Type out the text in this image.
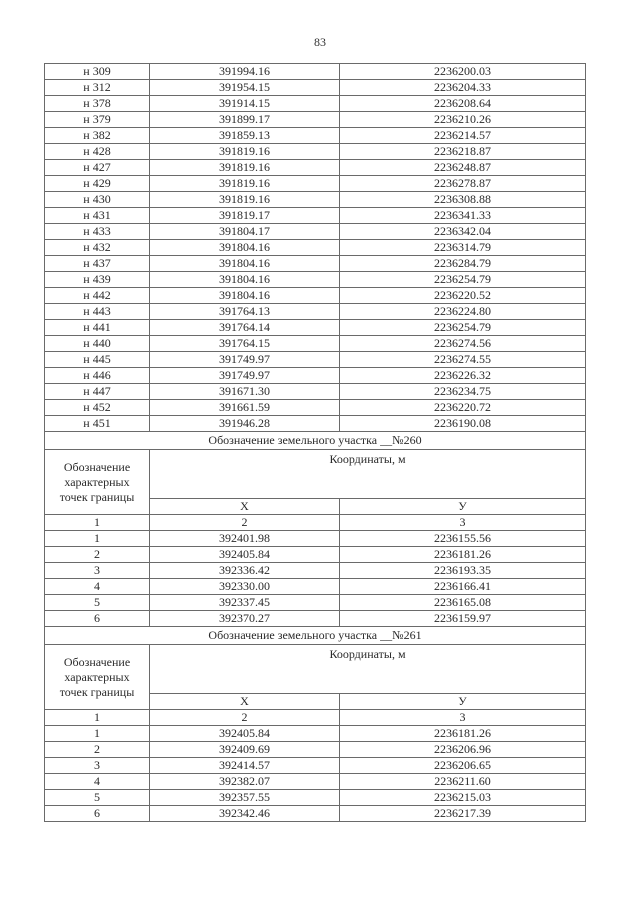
83
н 309	391994.16	2236200.03
н 312	391954.15	2236204.33
н 378	391914.15	2236208.64
н 379	391899.17	2236210.26
н 382	391859.13	2236214.57
н 428	391819.16	2236218.87
н 427	391819.16	2236248.87
н 429	391819.16	2236278.87
н 430	391819.16	2236308.88
н 431	391819.17	2236341.33
н 433	391804.17	2236342.04
н 432	391804.16	2236314.79
н 437	391804.16	2236284.79
н 439	391804.16	2236254.79
н 442	391804.16	2236220.52
н 443	391764.13	2236224.80
н 441	391764.14	2236254.79
н 440	391764.15	2236274.56
н 445	391749.97	2236274.55
н 446	391749.97	2236226.32
н 447	391671.30	2236234.75
н 452	391661.59	2236220.72
н 451	391946.28	2236190.08
Обозначение земельного участка __№260		
Обозначение характерных точек границы	Координаты, м	
	Х	У
1	2	3
1	392401.98	2236155.56
2	392405.84	2236181.26
3	392336.42	2236193.35
4	392330.00	2236166.41
5	392337.45	2236165.08
6	392370.27	2236159.97
Обозначение земельного участка __№261		
Обозначение характерных точек границы	Координаты, м	
	Х	У
1	2	3
1	392405.84	2236181.26
2	392409.69	2236206.96
3	392414.57	2236206.65
4	392382.07	2236211.60
5	392357.55	2236215.03
6	392342.46	2236217.39
